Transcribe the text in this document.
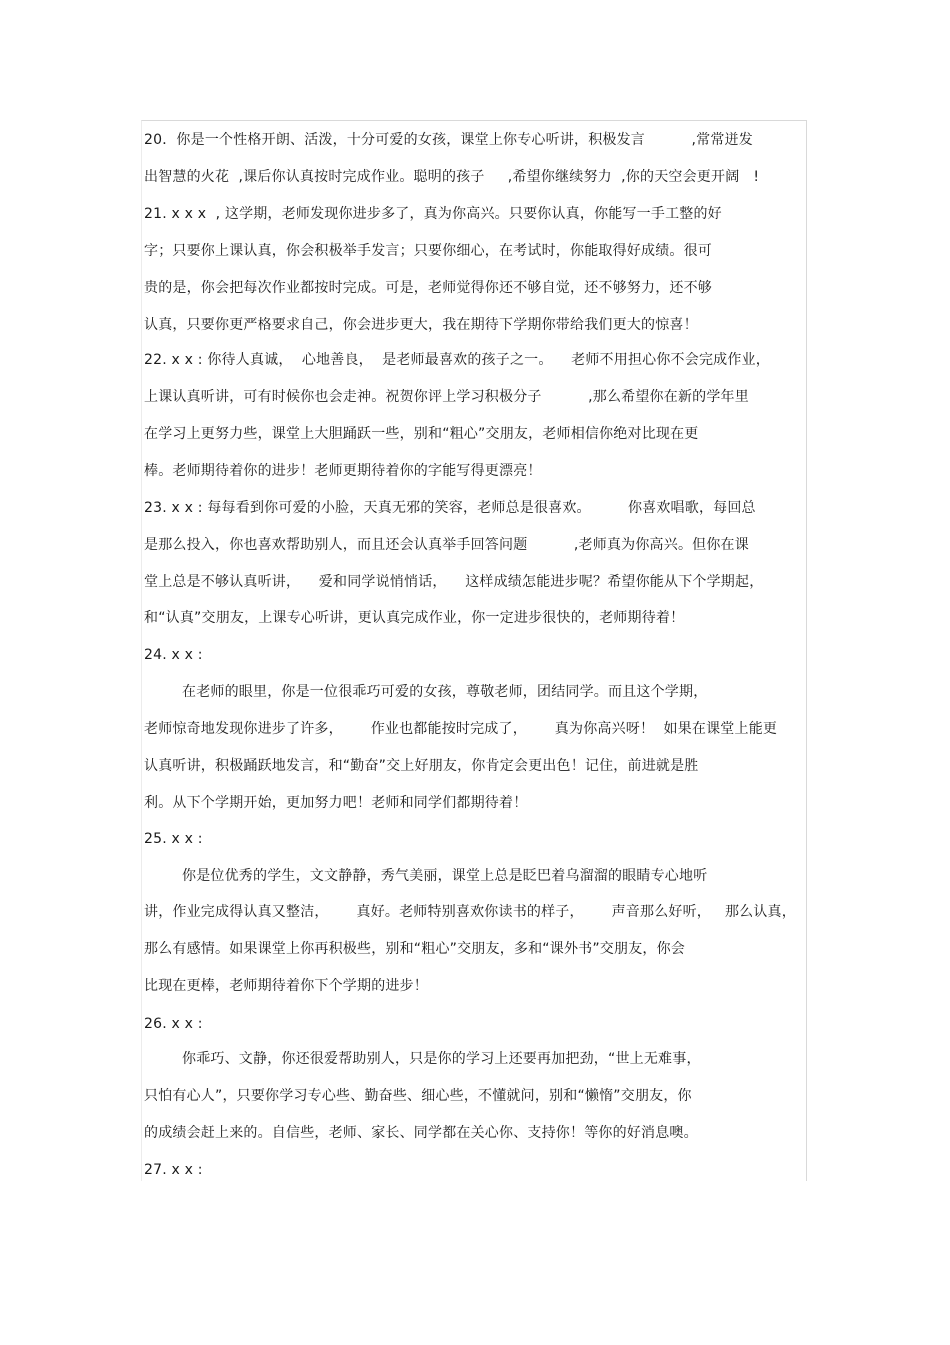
20．你是一个性格开朗、活泼，十分可爱的女孩，课堂上你专心听讲，积极发言          ,常常迸发
出智慧的火花  ,课后你认真按时完成作业。聪明的孩子     ,希望你继续努力  ,你的天空会更开阔   !
21. x x x  , 这学期，老师发现你进步多了，真为你高兴。只要你认真，你能写一手工整的好
字；只要你上课认真，你会积极举手发言；只要你细心，在考试时，你能取得好成绩。很可
贵的是，你会把每次作业都按时完成。可是，老师觉得你还不够自觉，还不够努力，还不够
认真，只要你更严格要求自己，你会进步更大，我在期待下学期你带给我们更大的惊喜！
22. x x : 你待人真诚，  心地善良，  是老师最喜欢的孩子之一。    老师不用担心你不会完成作业，
上课认真听讲，可有时候你也会走神。祝贺你评上学习积极分子          ,那么希望你在新的学年里
在学习上更努力些，课堂上大胆踊跃一些，别和“粗心”交朋友，老师相信你绝对比现在更
棒。老师期待着你的进步！老师更期待着你的字能写得更漂亮！
23. x x : 每每看到你可爱的小脸，天真无邪的笑容，老师总是很喜欢。        你喜欢唱歌，每回总
是那么投入，你也喜欢帮助别人，而且还会认真举手回答问题          ,老师真为你高兴。但你在课
堂上总是不够认真听讲，    爱和同学说悄悄话，    这样成绩怎能进步呢？希望你能从下个学期起，
和“认真”交朋友，上课专心听讲，更认真完成作业，你一定进步很快的，老师期待着！
24. x x :
在老师的眼里，你是一位很乖巧可爱的女孩，尊敬老师，团结同学。而且这个学期，
老师惊奇地发现你进步了许多，      作业也都能按时完成了，      真为你高兴呀！  如果在课堂上能更
认真听讲，积极踊跃地发言，和“勤奋”交上好朋友，你肯定会更出色！记住，前进就是胜
利。从下个学期开始，更加努力吧！老师和同学们都期待着！
25. x x :
你是位优秀的学生，文文静静，秀气美丽，课堂上总是眨巴着乌溜溜的眼睛专心地听
讲，作业完成得认真又整洁，      真好。老师特别喜欢你读书的样子，      声音那么好听，   那么认真，
那么有感情。如果课堂上你再积极些，别和“粗心”交朋友，多和“课外书”交朋友，你会
比现在更棒，老师期待着你下个学期的进步！
26. x x :
你乖巧、文静，你还很爱帮助别人，只是你的学习上还要再加把劲，“世上无难事，
只怕有心人”，只要你学习专心些、勤奋些、细心些，不懂就问，别和“懒惰”交朋友，你
的成绩会赶上来的。自信些，老师、家长、同学都在关心你、支持你！等你的好消息噢。
27. x x :
